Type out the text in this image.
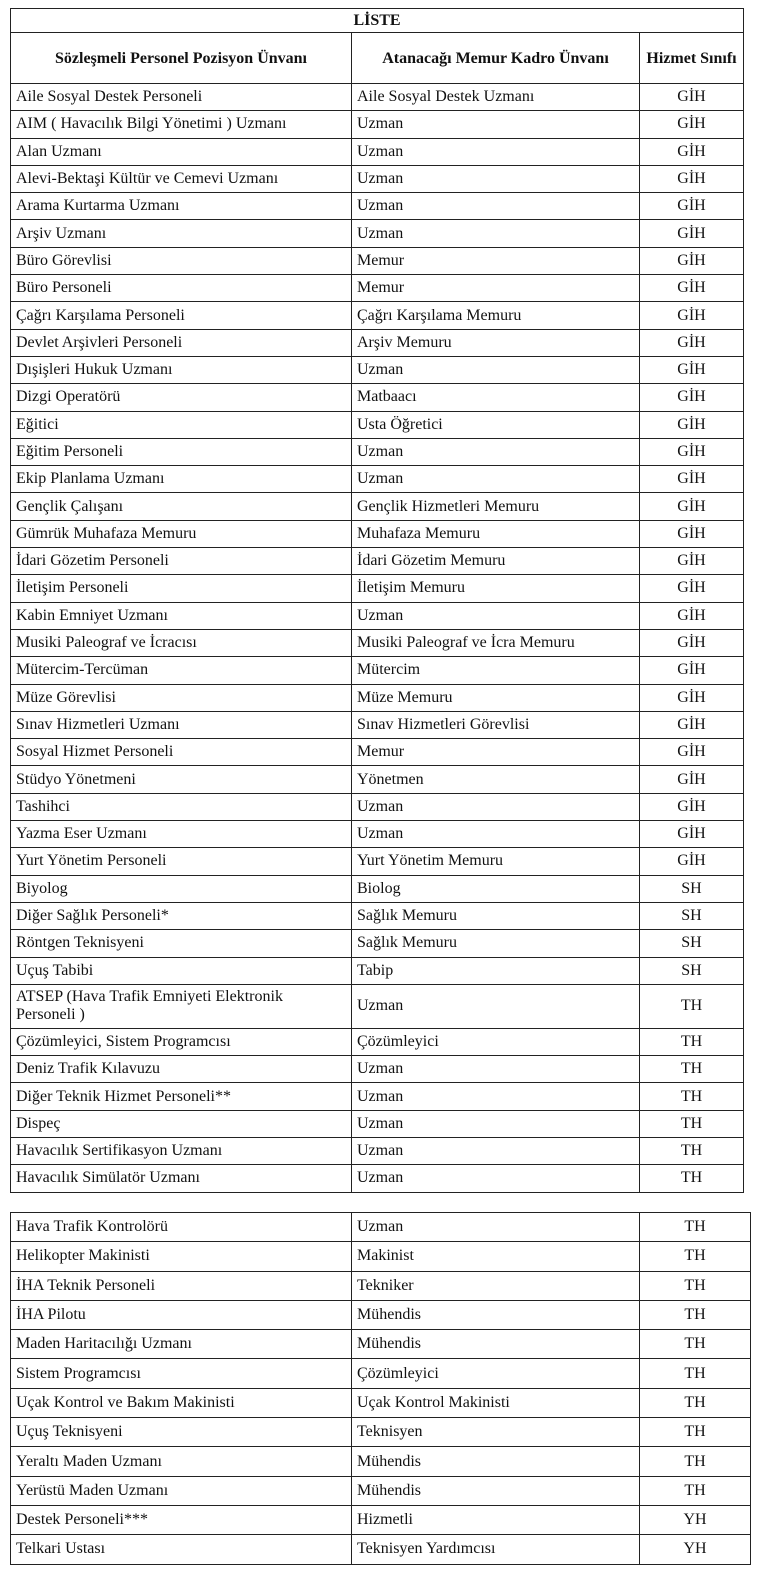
LİSTE		
Sözleşmeli Personel Pozisyon Ünvanı	Atanacağı Memur Kadro Ünvanı	Hizmet Sınıfı
Aile Sosyal Destek Personeli	Aile Sosyal Destek Uzmanı	GİH
AIM ( Havacılık Bilgi Yönetimi ) Uzmanı	Uzman	GİH
Alan Uzmanı	Uzman	GİH
Alevi-Bektaşi Kültür ve Cemevi Uzmanı	Uzman	GİH
Arama Kurtarma Uzmanı	Uzman	GİH
Arşiv Uzmanı	Uzman	GİH
Büro Görevlisi	Memur	GİH
Büro Personeli	Memur	GİH
Çağrı Karşılama Personeli	Çağrı Karşılama Memuru	GİH
Devlet Arşivleri Personeli	Arşiv Memuru	GİH
Dışişleri Hukuk Uzmanı	Uzman	GİH
Dizgi Operatörü	Matbaacı	GİH
Eğitici	Usta Öğretici	GİH
Eğitim Personeli	Uzman	GİH
Ekip Planlama Uzmanı	Uzman	GİH
Gençlik Çalışanı	Gençlik Hizmetleri Memuru	GİH
Gümrük Muhafaza Memuru	Muhafaza Memuru	GİH
İdari Gözetim Personeli	İdari Gözetim Memuru	GİH
İletişim Personeli	İletişim Memuru	GİH
Kabin Emniyet Uzmanı	Uzman	GİH
Musiki Paleograf ve İcracısı	Musiki Paleograf ve İcra Memuru	GİH
Mütercim-Tercüman	Mütercim	GİH
Müze Görevlisi	Müze Memuru	GİH
Sınav Hizmetleri Uzmanı	Sınav Hizmetleri Görevlisi	GİH
Sosyal Hizmet Personeli	Memur	GİH
Stüdyo Yönetmeni	Yönetmen	GİH
Tashihci	Uzman	GİH
Yazma Eser Uzmanı	Uzman	GİH
Yurt Yönetim Personeli	Yurt Yönetim Memuru	GİH
Biyolog	Biolog	SH
Diğer Sağlık Personeli*	Sağlık Memuru	SH
Röntgen Teknisyeni	Sağlık Memuru	SH
Uçuş Tabibi	Tabip	SH
ATSEP (Hava Trafik Emniyeti Elektronik Personeli )	Uzman	TH
Çözümleyici, Sistem Programcısı	Çözümleyici	TH
Deniz Trafik Kılavuzu	Uzman	TH
Diğer Teknik Hizmet Personeli**	Uzman	TH
Dispeç	Uzman	TH
Havacılık Sertifikasyon Uzmanı	Uzman	TH
Havacılık Simülatör Uzmanı	Uzman	TH
Hava Trafik Kontrolörü	Uzman	TH
Helikopter Makinisti	Makinist	TH
İHA Teknik Personeli	Tekniker	TH
İHA Pilotu	Mühendis	TH
Maden Haritacılığı Uzmanı	Mühendis	TH
Sistem Programcısı	Çözümleyici	TH
Uçak Kontrol ve Bakım Makinisti	Uçak Kontrol Makinisti	TH
Uçuş Teknisyeni	Teknisyen	TH
Yeraltı Maden Uzmanı	Mühendis	TH
Yerüstü Maden Uzmanı	Mühendis	TH
Destek Personeli***	Hizmetli	YH
Telkari Ustası	Teknisyen Yardımcısı	YH
